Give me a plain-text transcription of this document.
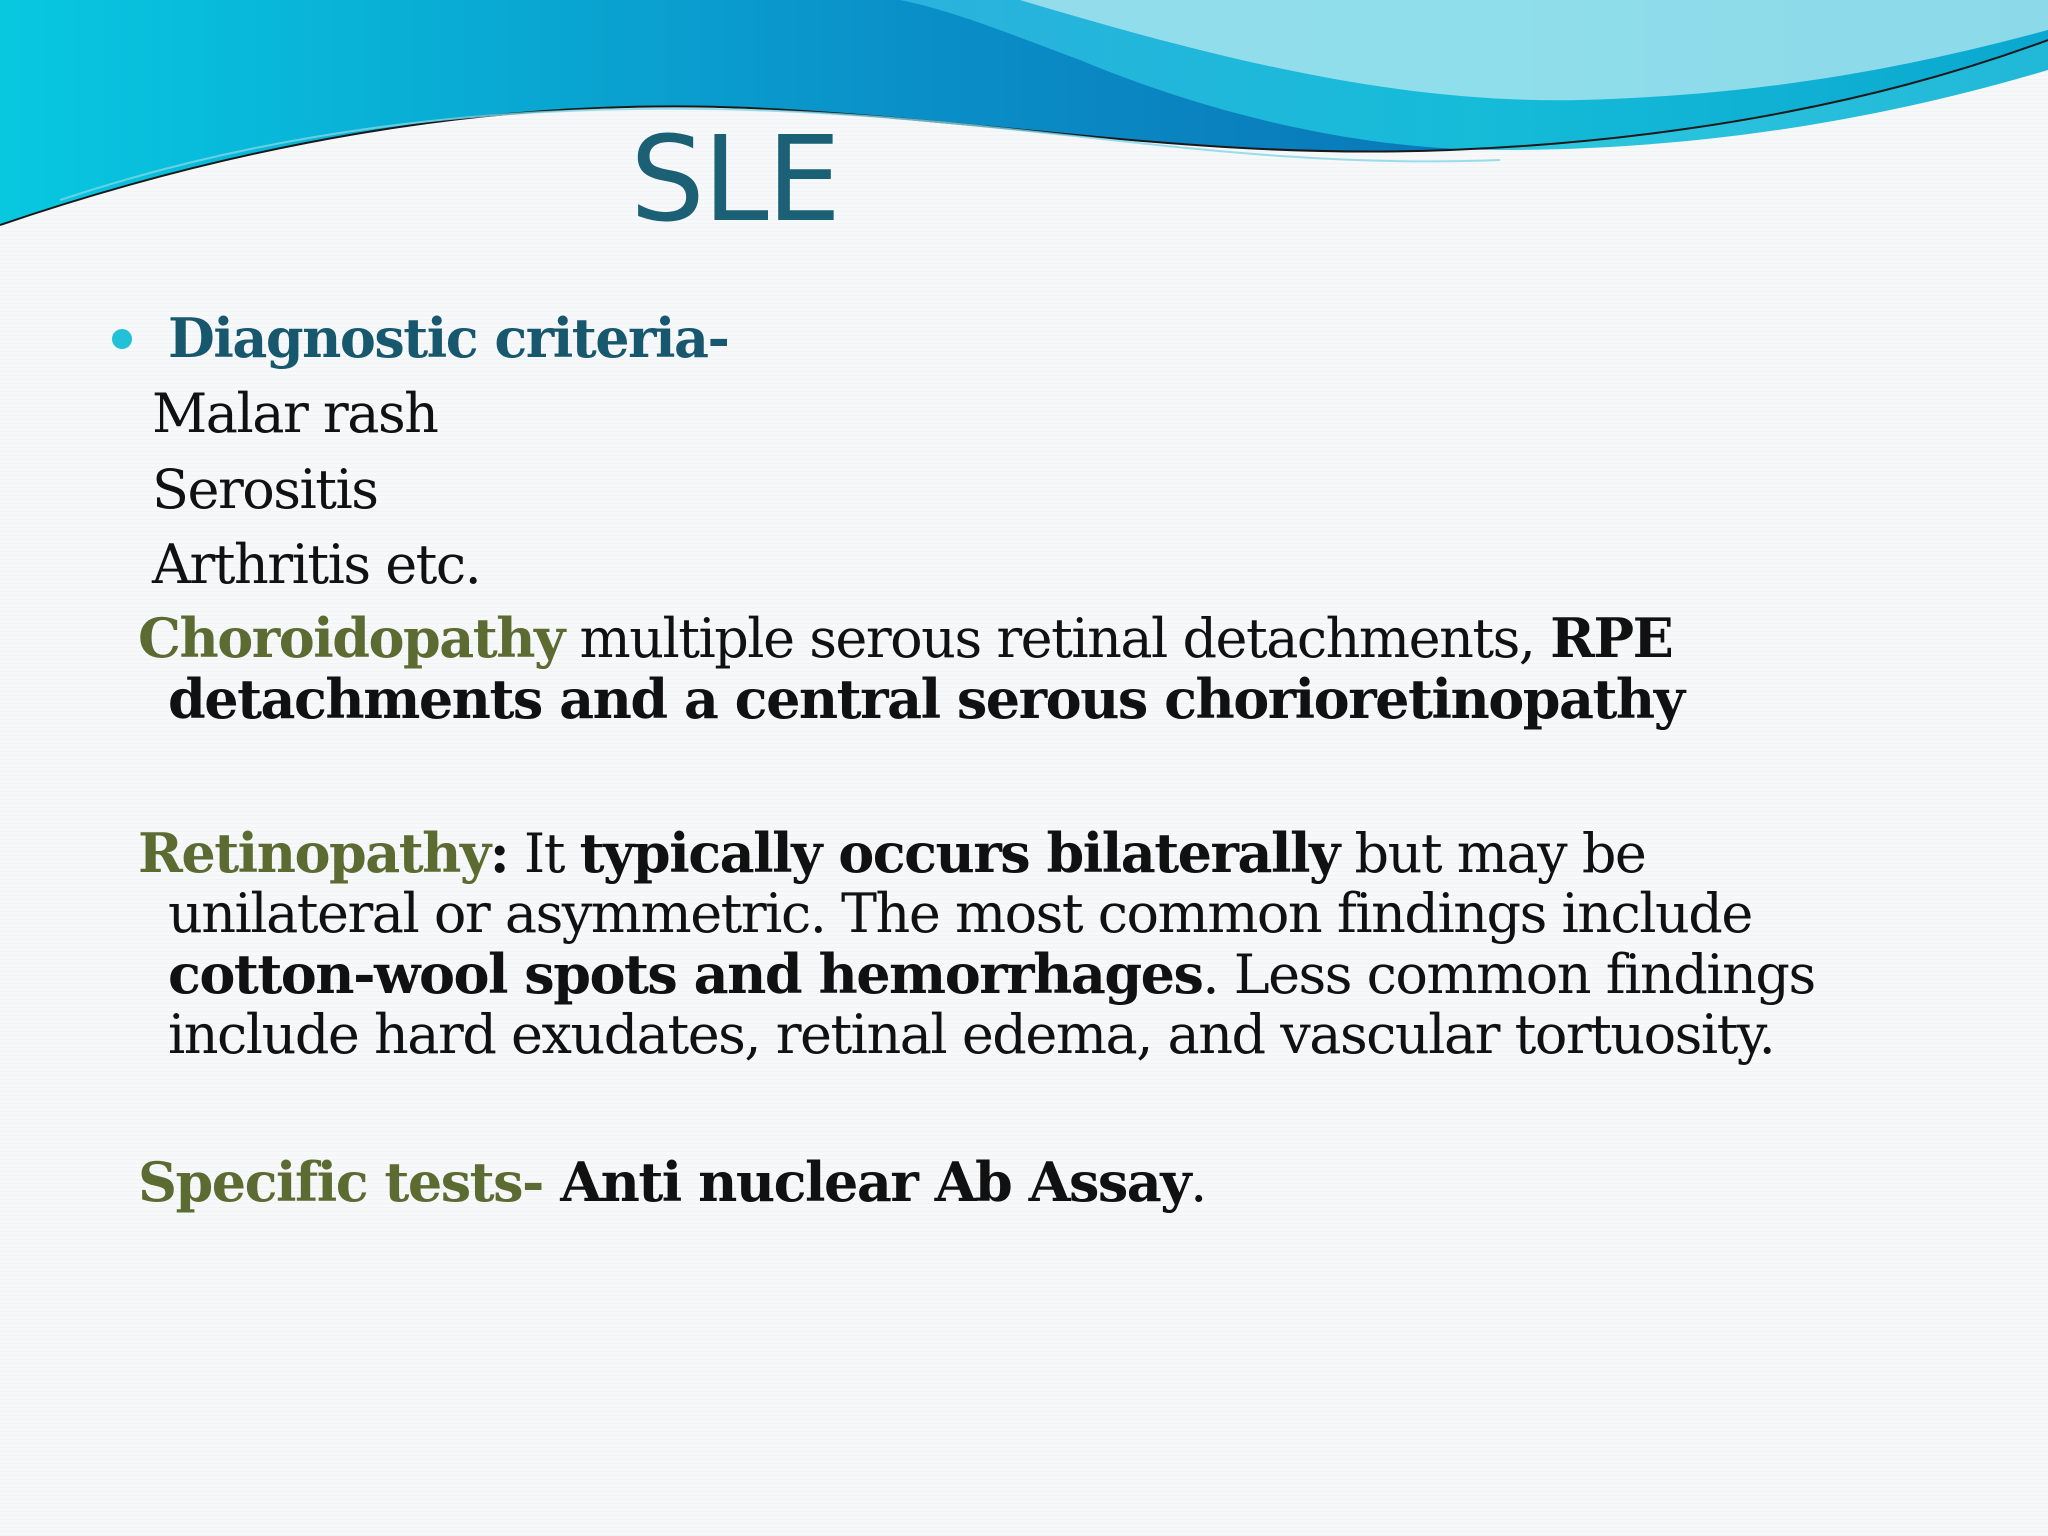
SLE
Diagnostic criteria-
Malar rash
Serositis
Arthritis etc.
Choroidopathy multiple serous retinal detachments, RPE
detachments and a central serous chorioretinopathy
Retinopathy: It typically occurs bilaterally but may be
unilateral or asymmetric. The most common findings include
cotton-wool spots and hemorrhages. Less common findings
include hard exudates, retinal edema, and vascular tortuosity.
Specific tests- Anti nuclear Ab Assay.
